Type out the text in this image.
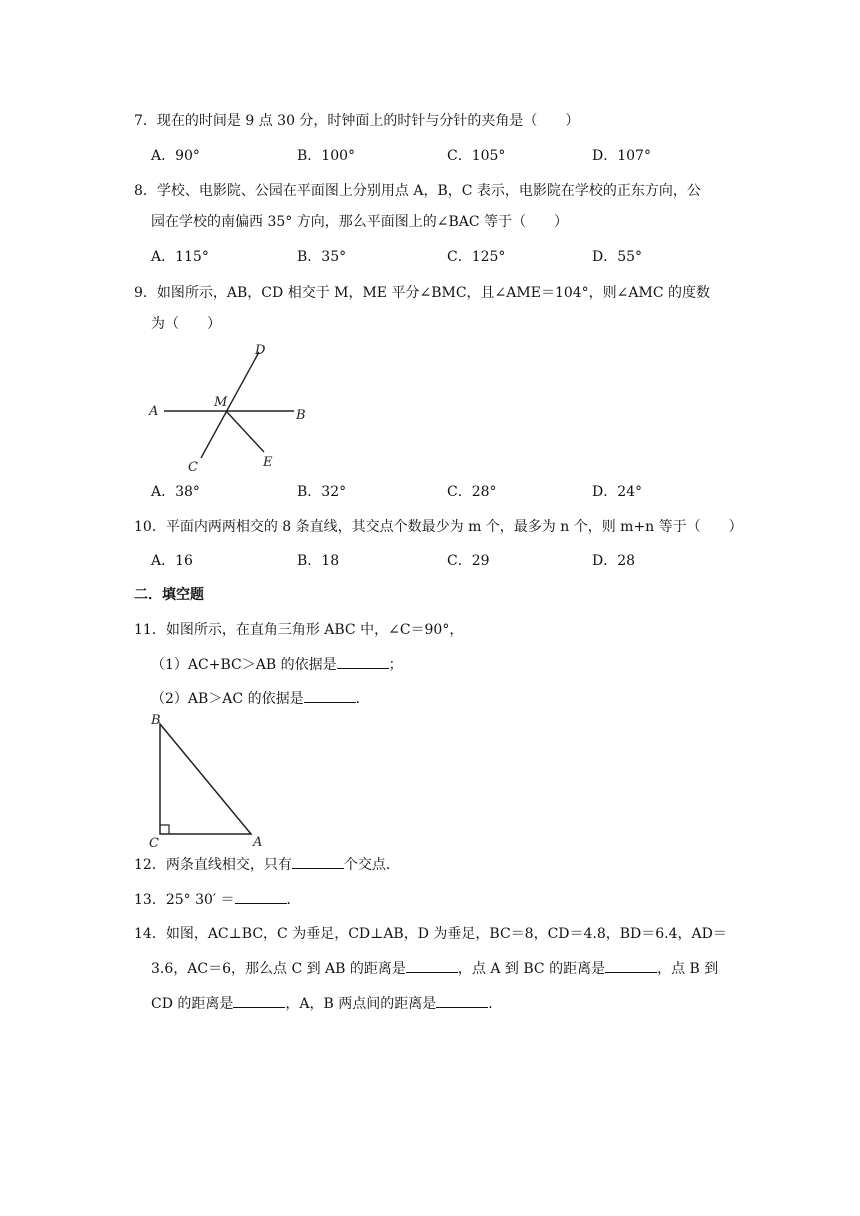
7．现在的时间是 9 点 30 分，时钟面上的时针与分针的夹角是（　　）
A．90°	B．100°	C．105°	D．107°
8．学校、电影院、公园在平面图上分别用点 A，B，C 表示，电影院在学校的正东方向，公
园在学校的南偏西 35° 方向，那么平面图上的∠BAC 等于（　　）
A．115°	B．35°	C．125°	D．55°
9．如图所示，AB，CD 相交于 M，ME 平分∠BMC，且∠AME＝104°，则∠AMC 的度数
为（　　）
D
A
M
B
C	E
A．38°	B．32°	C．28°	D．24°
10．平面内两两相交的 8 条直线，其交点个数最少为 m 个，最多为 n 个，则 m+n 等于（　　）
A．16	B．18	C．29	D．28
二．填空题
11．如图所示，在直角三角形 ABC 中，∠C＝90°，
（1）AC+BC＞AB 的依据是	；
（2）AB＞AC 的依据是	．
B
C	A
12．两条直线相交，只有	个交点．
13．25° 30′ ＝	．
14．如图，AC⊥BC，C 为垂足，CD⊥AB，D 为垂足，BC＝8，CD＝4.8，BD＝6.4，AD＝
3.6，AC＝6，那么点 C 到 AB 的距离是	，点 A 到 BC 的距离是	，点 B 到
CD 的距离是	，A，B 两点间的距离是	．
